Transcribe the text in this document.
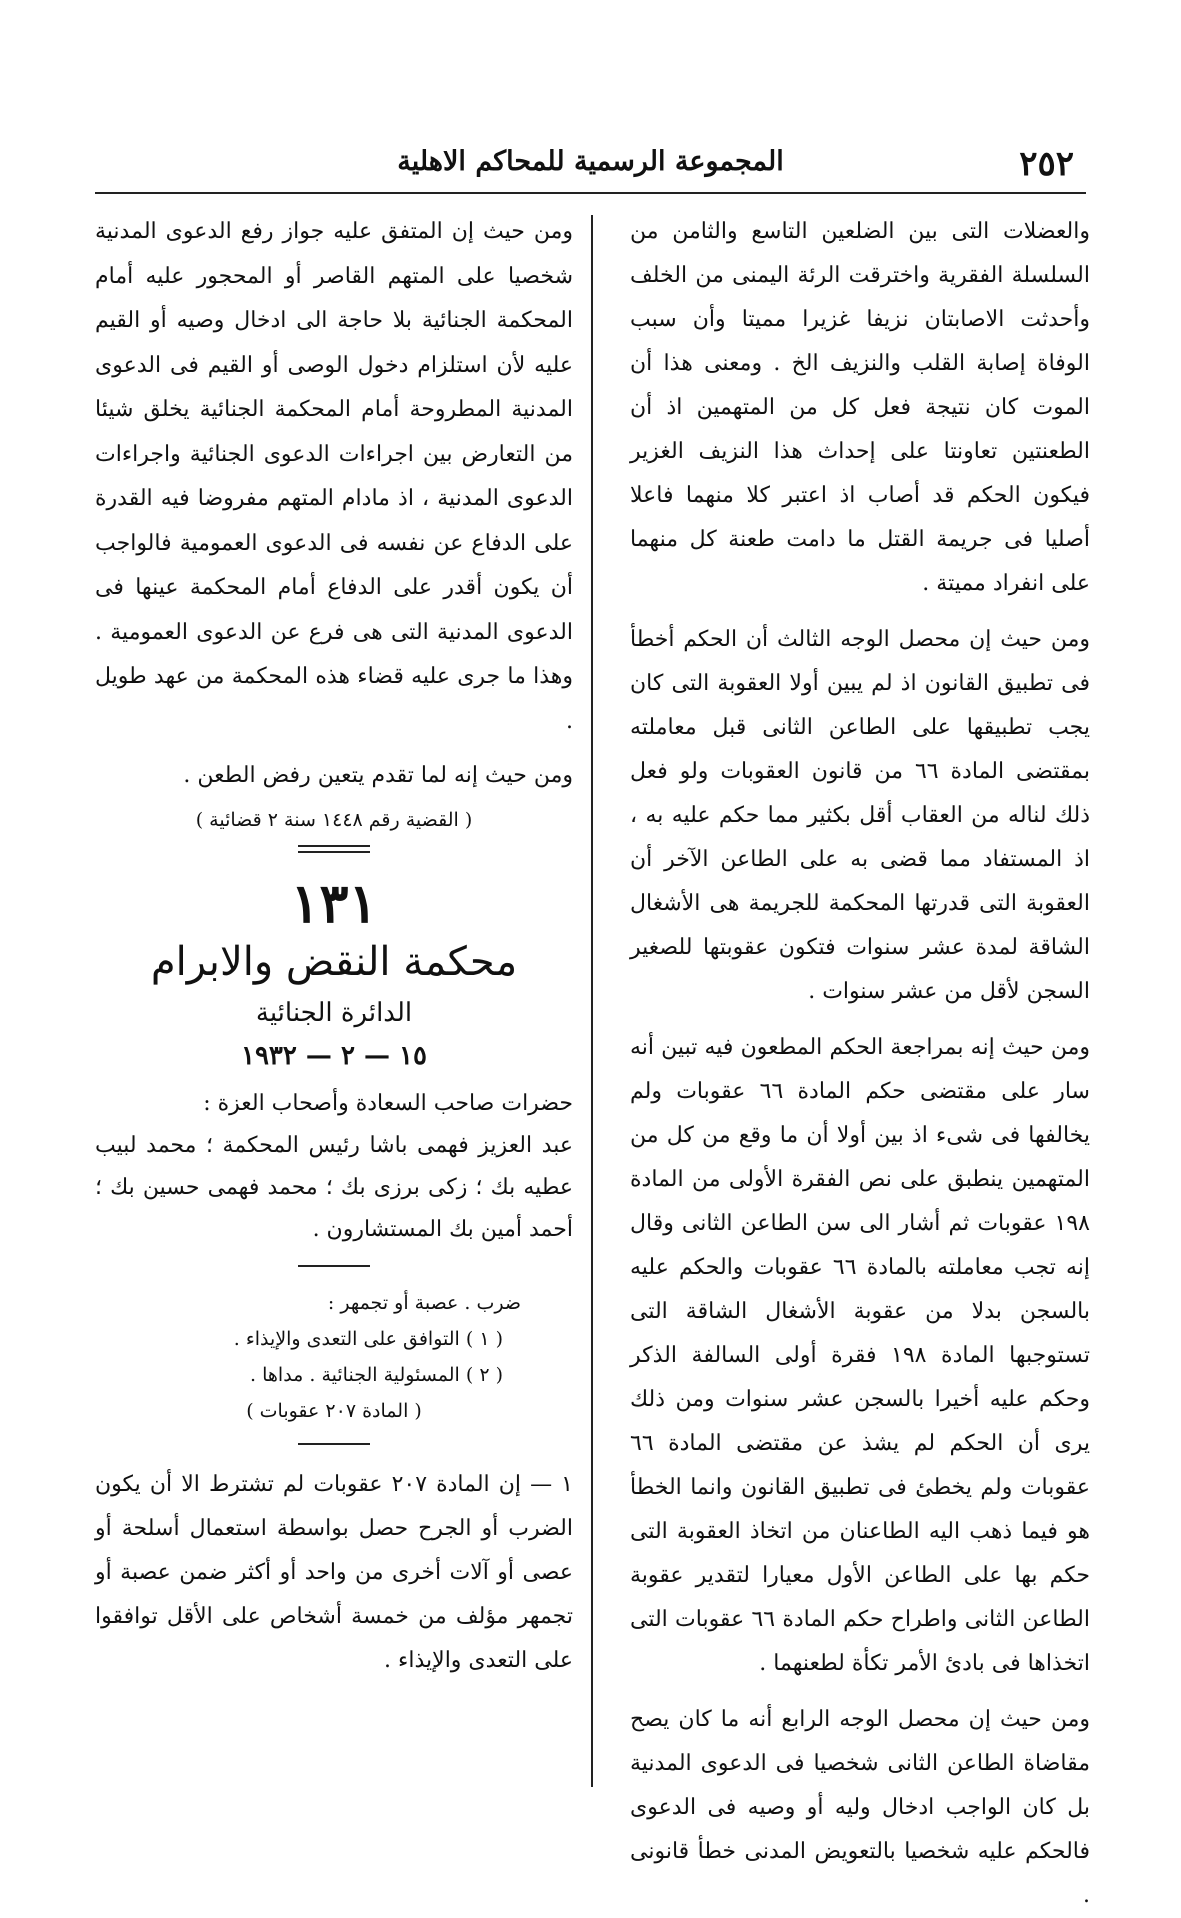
٢٥٢
المجموعة الرسمية للمحاكم الاهلية

والعضلات التى بين الضلعين التاسع والثامن من السلسلة الفقرية واخترقت الرئة اليمنى من الخلف وأحدثت الاصابتان نزيفا غزيرا مميتا وأن سبب الوفاة إصابة القلب والنزيف الخ . ومعنى هذا أن الموت كان نتيجة فعل كل من المتهمين اذ أن الطعنتين تعاونتا على إحداث هذا النزيف الغزير فيكون الحكم قد أصاب اذ اعتبر كلا منهما فاعلا أصليا فى جريمة القتل ما دامت طعنة كل منهما على انفراد مميتة .

ومن حيث إن محصل الوجه الثالث أن الحكم أخطأ فى تطبيق القانون اذ لم يبين أولا العقوبة التى كان يجب تطبيقها على الطاعن الثانى قبل معاملته بمقتضى المادة ٦٦ من قانون العقوبات ولو فعل ذلك لناله من العقاب أقل بكثير مما حكم عليه به ، اذ المستفاد مما قضى به على الطاعن الآخر أن العقوبة التى قدرتها المحكمة للجريمة هى الأشغال الشاقة لمدة عشر سنوات فتكون عقوبتها للصغير السجن لأقل من عشر سنوات .

ومن حيث إنه بمراجعة الحكم المطعون فيه تبين أنه سار على مقتضى حكم المادة ٦٦ عقوبات ولم يخالفها فى شىء اذ بين أولا أن ما وقع من كل من المتهمين ينطبق على نص الفقرة الأولى من المادة ١٩٨ عقوبات ثم أشار الى سن الطاعن الثانى وقال إنه تجب معاملته بالمادة ٦٦ عقوبات والحكم عليه بالسجن بدلا من عقوبة الأشغال الشاقة التى تستوجبها المادة ١٩٨ فقرة أولى السالفة الذكر وحكم عليه أخيرا بالسجن عشر سنوات ومن ذلك يرى أن الحكم لم يشذ عن مقتضى المادة ٦٦ عقوبات ولم يخطئ فى تطبيق القانون وانما الخطأ هو فيما ذهب اليه الطاعنان من اتخاذ العقوبة التى حكم بها على الطاعن الأول معيارا لتقدير عقوبة الطاعن الثانى واطراح حكم المادة ٦٦ عقوبات التى اتخذاها فى بادئ الأمر تكأة لطعنهما .

ومن حيث إن محصل الوجه الرابع أنه ما كان يصح مقاضاة الطاعن الثانى شخصيا فى الدعوى المدنية بل كان الواجب ادخال وليه أو وصيه فى الدعوى فالحكم عليه شخصيا بالتعويض المدنى خطأ قانونى .

ومن حيث إن المتفق عليه جواز رفع الدعوى المدنية شخصيا على المتهم القاصر أو المحجور عليه أمام المحكمة الجنائية بلا حاجة الى ادخال وصيه أو القيم عليه لأن استلزام دخول الوصى أو القيم فى الدعوى المدنية المطروحة أمام المحكمة الجنائية يخلق شيئا من التعارض بين اجراءات الدعوى الجنائية واجراءات الدعوى المدنية ، اذ مادام المتهم مفروضا فيه القدرة على الدفاع عن نفسه فى الدعوى العمومية فالواجب أن يكون أقدر على الدفاع أمام المحكمة عينها فى الدعوى المدنية التى هى فرع عن الدعوى العمومية . وهذا ما جرى عليه قضاء هذه المحكمة من عهد طويل .

ومن حيث إنه لما تقدم يتعين رفض الطعن .

( القضية رقم ١٤٤٨ سنة ٢ قضائية )
١٣١
محكمة النقض والابرام
الدائرة الجنائية
١٥ — ٢ — ١٩٣٢

حضرات صاحب السعادة وأصحاب العزة :

عبد العزيز فهمى باشا رئيس المحكمة ؛ محمد لبيب عطيه بك ؛ زكى برزى بك ؛ محمد فهمى حسين بك ؛ أحمد أمين بك المستشارون .

ضرب . عصبة أو تجمهر :

( ١ ) التوافق على التعدى والإيذاء .

( ٢ ) المسئولية الجنائية . مداها .

( المادة ٢٠٧ عقوبات )

١ — إن المادة ٢٠٧ عقوبات لم تشترط الا أن يكون الضرب أو الجرح حصل بواسطة استعمال أسلحة أو عصى أو آلات أخرى من واحد أو أكثر ضمن عصبة أو تجمهر مؤلف من خمسة أشخاص على الأقل توافقوا على التعدى والإيذاء .
